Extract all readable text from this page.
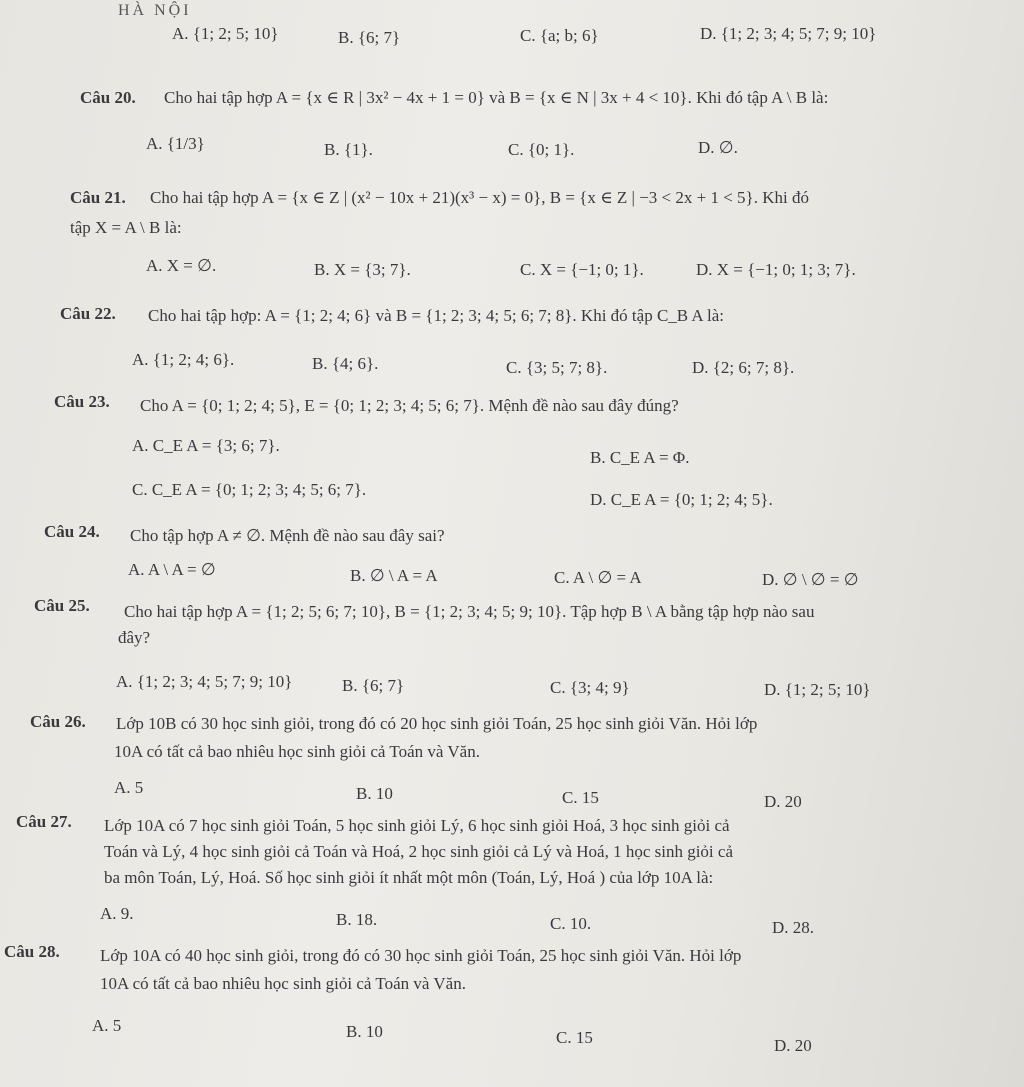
HÀ NỘI
A. {1; 2; 5; 10}	B. {6; 7}	C. {a; b; 6}	D. {1; 2; 3; 4; 5; 7; 9; 10}
Câu 20. Cho hai tập hợp A = {x ∈ R | 3x² − 4x + 1 = 0} và B = {x ∈ N | 3x + 4 < 10}. Khi đó tập A \ B là:
A. {1/3}	B. {1}.	C. {0; 1}.	D. ∅.
Câu 21. Cho hai tập hợp A = {x ∈ Z | (x² − 10x + 21)(x³ − x) = 0}, B = {x ∈ Z | −3 < 2x + 1 < 5}. Khi đó
tập X = A \ B là:
A. X = ∅.	B. X = {3; 7}.	C. X = {−1; 0; 1}.	D. X = {−1; 0; 1; 3; 7}.
Câu 22. Cho hai tập hợp: A = {1; 2; 4; 6} và B = {1; 2; 3; 4; 5; 6; 7; 8}. Khi đó tập C_B A là:
A. {1; 2; 4; 6}.	B. {4; 6}.	C. {3; 5; 7; 8}.	D. {2; 6; 7; 8}.
Câu 23. Cho A = {0; 1; 2; 4; 5}, E = {0; 1; 2; 3; 4; 5; 6; 7}. Mệnh đề nào sau đây đúng?
A. C_E A = {3; 6; 7}.
B. C_E A = Φ.
C. C_E A = {0; 1; 2; 3; 4; 5; 6; 7}.
D. C_E A = {0; 1; 2; 4; 5}.
Câu 24. Cho tập hợp A ≠ ∅. Mệnh đề nào sau đây sai?
A. A \ A = ∅	B. ∅ \ A = A	C. A \ ∅ = A	D. ∅ \ ∅ = ∅
Câu 25. Cho hai tập hợp A = {1; 2; 5; 6; 7; 10}, B = {1; 2; 3; 4; 5; 9; 10}. Tập hợp B \ A bằng tập hợp nào sau
đây?
A. {1; 2; 3; 4; 5; 7; 9; 10}	B. {6; 7}	C. {3; 4; 9}	D. {1; 2; 5; 10}
Câu 26. Lớp 10B có 30 học sinh giỏi, trong đó có 20 học sinh giỏi Toán, 25 học sinh giỏi Văn. Hỏi lớp
10A có tất cả bao nhiêu học sinh giỏi cả Toán và Văn.
A. 5	B. 10	C. 15	D. 20
Câu 27. Lớp 10A có 7 học sinh giỏi Toán, 5 học sinh giỏi Lý, 6 học sinh giỏi Hoá, 3 học sinh giỏi cả
Toán và Lý, 4 học sinh giỏi cả Toán và Hoá, 2 học sinh giỏi cả Lý và Hoá, 1 học sinh giỏi cả
ba môn Toán, Lý, Hoá. Số học sinh giỏi ít nhất một môn (Toán, Lý, Hoá ) của lớp 10A là:
A. 9.	B. 18.	C. 10.	D. 28.
Câu 28. Lớp 10A có 40 học sinh giỏi, trong đó có 30 học sinh giỏi Toán, 25 học sinh giỏi Văn. Hỏi lớp
10A có tất cả bao nhiêu học sinh giỏi cả Toán và Văn.
A. 5	B. 10	C. 15	D. 20
